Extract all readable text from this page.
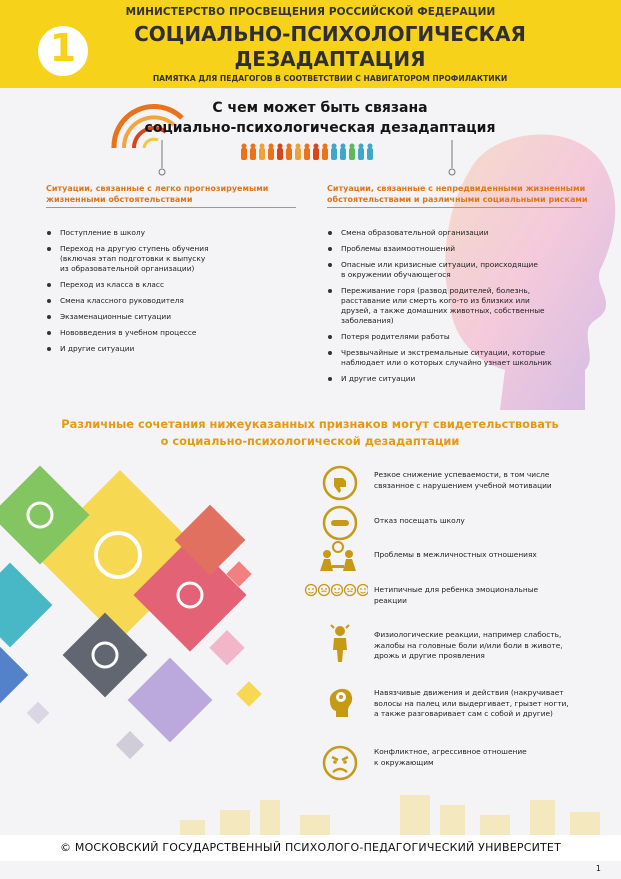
1
МИНИСТЕРСТВО ПРОСВЕЩЕНИЯ РОССИЙСКОЙ ФЕДЕРАЦИИ
СОЦИАЛЬНО-ПСИХОЛОГИЧЕСКАЯ
ДЕЗАДАПТАЦИЯ
ПАМЯТКА ДЛЯ ПЕДАГОГОВ В СООТВЕТСТВИИ С НАВИГАТОРОМ ПРОФИЛАКТИКИ
С чем может быть связана
социально-психологическая дезадаптация
Ситуации, связанные с легко прогнозируемыми
жизненными обстоятельствами
Поступление в школу
Переход на другую ступень обучения
(включая этап подготовки к выпуску
из образовательной организации)
Переход из класса в класс
Смена классного руководителя
Экзаменационные ситуации
Нововведения в учебном процессе
И другие ситуации
Ситуации, связанные с непредвиденными жизненными
обстоятельствами и различными социальными рисками
Смена образовательной организации
Проблемы взаимоотношений
Опасные или кризисные ситуации, происходящие
в окружении обучающегося
Переживание горя (развод родителей, болезнь,
расставание или смерть кого-то из близких или
друзей, а также домашних животных, собственные
заболевания)
Потеря родителями работы
Чрезвычайные и экстремальные ситуации, которые
наблюдает или о которых случайно узнает школьник
И другие ситуации
Различные сочетания нижеуказанных признаков могут свидетельствовать
о социально-психологической дезадаптации
Резкое снижение успеваемости, в том числе
связанное с нарушением учебной мотивации
Отказ посещать школу
Проблемы в межличностных отношениях
Нетипичные для ребенка эмоциональные
реакции
Физиологические реакции, например слабость,
жалобы на головные боли и/или боли в животе,
дрожь и другие проявления
Навязчивые движения и действия (накручивает
волосы на палец или выдергивает, грызет ногти,
а также разговаривает сам с собой и другие)
Конфликтное, агрессивное отношение
к окружающим
© МОСКОВСКИЙ ГОСУДАРСТВЕННЫЙ ПСИХОЛОГО-ПЕДАГОГИЧЕСКИЙ УНИВЕРСИТЕТ
1
